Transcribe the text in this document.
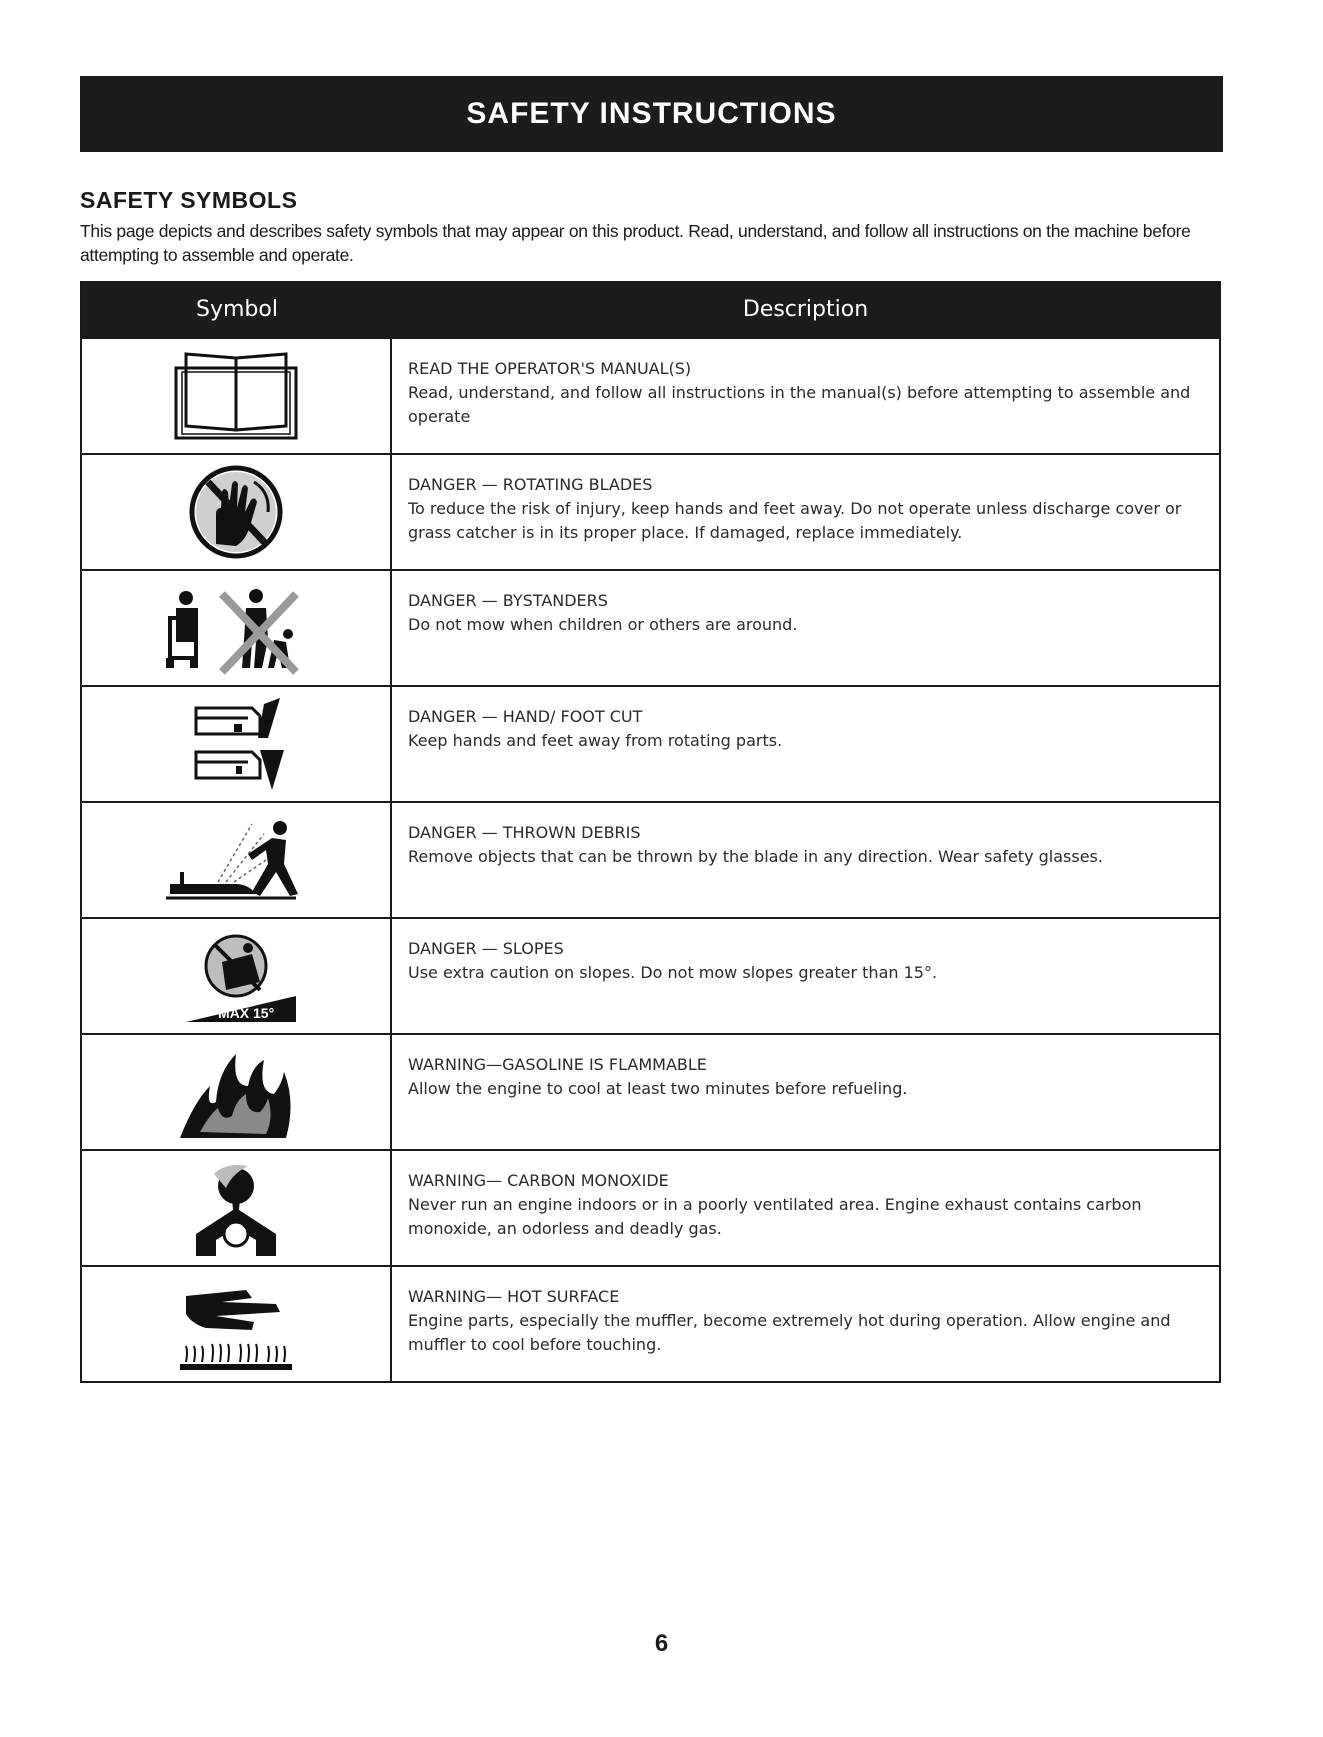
SAFETY INSTRUCTIONS
SAFETY SYMBOLS

This page depicts and describes safety symbols that may appear on this product. Read, understand, and follow all instructions on the machine before attempting to assemble and operate.

Symbol	Description
READ THE OPERATOR'S MANUAL(S)
Read, understand, and follow all instructions in the manual(s) before attempting to assemble and operate
DANGER — ROTATING BLADES
To reduce the risk of injury, keep hands and feet away. Do not operate unless discharge cover or grass catcher is in its proper place. If damaged, replace immediately.
DANGER — BYSTANDERS
Do not mow when children or others are around.
DANGER — HAND/ FOOT CUT
Keep hands and feet away from rotating parts.
DANGER — THROWN DEBRIS
Remove objects that can be thrown by the blade in any direction. Wear safety glasses.
MAX 15°
DANGER — SLOPES
Use extra caution on slopes. Do not mow slopes greater than 15°.
WARNING—GASOLINE IS FLAMMABLE
Allow the engine to cool at least two minutes before refueling.
WARNING— CARBON MONOXIDE
Never run an engine indoors or in a poorly ventilated area. Engine exhaust contains carbon monoxide, an odorless and deadly gas.
WARNING— HOT SURFACE
Engine parts, especially the muffler, become extremely hot during operation. Allow engine and muffler to cool before touching.
6
